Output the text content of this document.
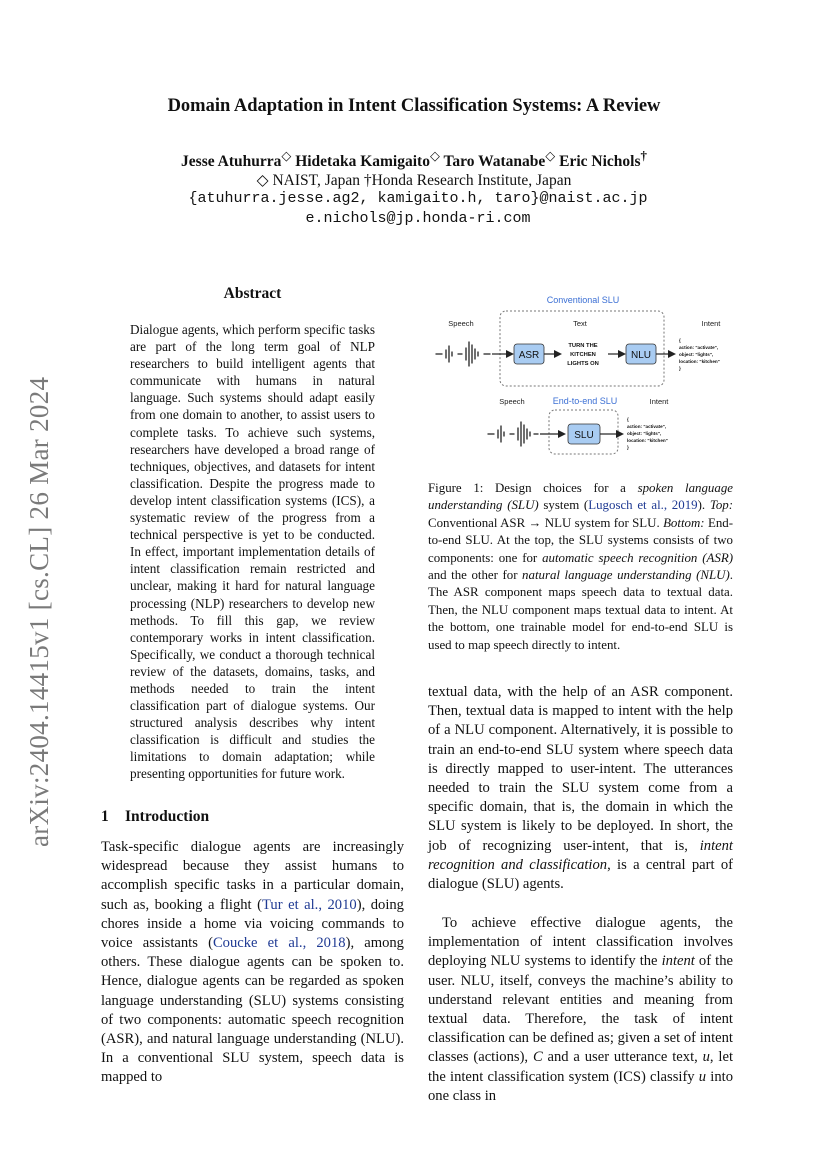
arXiv:2404.14415v1 [cs.CL] 26 Mar 2024
Domain Adaptation in Intent Classification Systems: A Review
Jesse Atuhurra◇ Hidetaka Kamigaito◇ Taro Watanabe◇ Eric Nichols†
◇ NAIST, Japan †Honda Research Institute, Japan
{atuhurra.jesse.ag2, kamigaito.h, taro}@naist.ac.jp
e.nichols@jp.honda-ri.com
Abstract
Dialogue agents, which perform specific tasks are part of the long term goal of NLP researchers to build intelligent agents that communicate with humans in natural language. Such systems should adapt easily from one domain to another, to assist users to complete tasks. To achieve such systems, researchers have developed a broad range of techniques, objectives, and datasets for intent classification. Despite the progress made to develop intent classification systems (ICS), a systematic review of the progress from a technical perspective is yet to be conducted. In effect, important implementation details of intent classification remain restricted and unclear, making it hard for natural language processing (NLP) researchers to develop new methods. To fill this gap, we review contemporary works in intent classification. Specifically, we conduct a thorough technical review of the datasets, domains, tasks, and methods needed to train the intent classification part of dialogue systems. Our structured analysis describes why intent classification is difficult and studies the limitations to domain adaptation; while presenting opportunities for future work.
Conventional SLU
Speech	Text	Intent
ASR
TURN THE
KITCHEN
LIGHTS ON
NLU
{
action: "activate",
object: "lights",
location: "kitchen"
}
Speech	End-to-end SLU	Intent
SLU
{
action: "activate",
object: "lights",
location: "kitchen"
}
Figure 1: Design choices for a spoken language understanding (SLU) system (Lugosch et al., 2019). Top: Conventional ASR → NLU system for SLU. Bottom: End-to-end SLU. At the top, the SLU systems consists of two components: one for automatic speech recognition (ASR) and the other for natural language understanding (NLU). The ASR component maps speech data to textual data. Then, the NLU component maps textual data to intent. At the bottom, one trainable model for end-to-end SLU is used to map speech directly to intent.
1 Introduction
Task-specific dialogue agents are increasingly widespread because they assist humans to accomplish specific tasks in a particular domain, such as, booking a flight (Tur et al., 2010), doing chores inside a home via voicing commands to voice assistants (Coucke et al., 2018), among others. These dialogue agents can be spoken to. Hence, dialogue agents can be regarded as spoken language understanding (SLU) systems consisting of two components: automatic speech recognition (ASR), and natural language understanding (NLU). In a conventional SLU system, speech data is mapped to
textual data, with the help of an ASR component. Then, textual data is mapped to intent with the help of a NLU component. Alternatively, it is possible to train an end-to-end SLU system where speech data is directly mapped to user-intent. The utterances needed to train the SLU system come from a specific domain, that is, the domain in which the SLU system is likely to be deployed. In short, the job of recognizing user-intent, that is, intent recognition and classification, is a central part of dialogue (SLU) agents.
To achieve effective dialogue agents, the implementation of intent classification involves deploying NLU systems to identify the intent of the user. NLU, itself, conveys the machine’s ability to understand relevant entities and meaning from textual data. Therefore, the task of intent classification can be defined as; given a set of intent classes (actions), C and a user utterance text, u, let the intent classification system (ICS) classify u into one class in
